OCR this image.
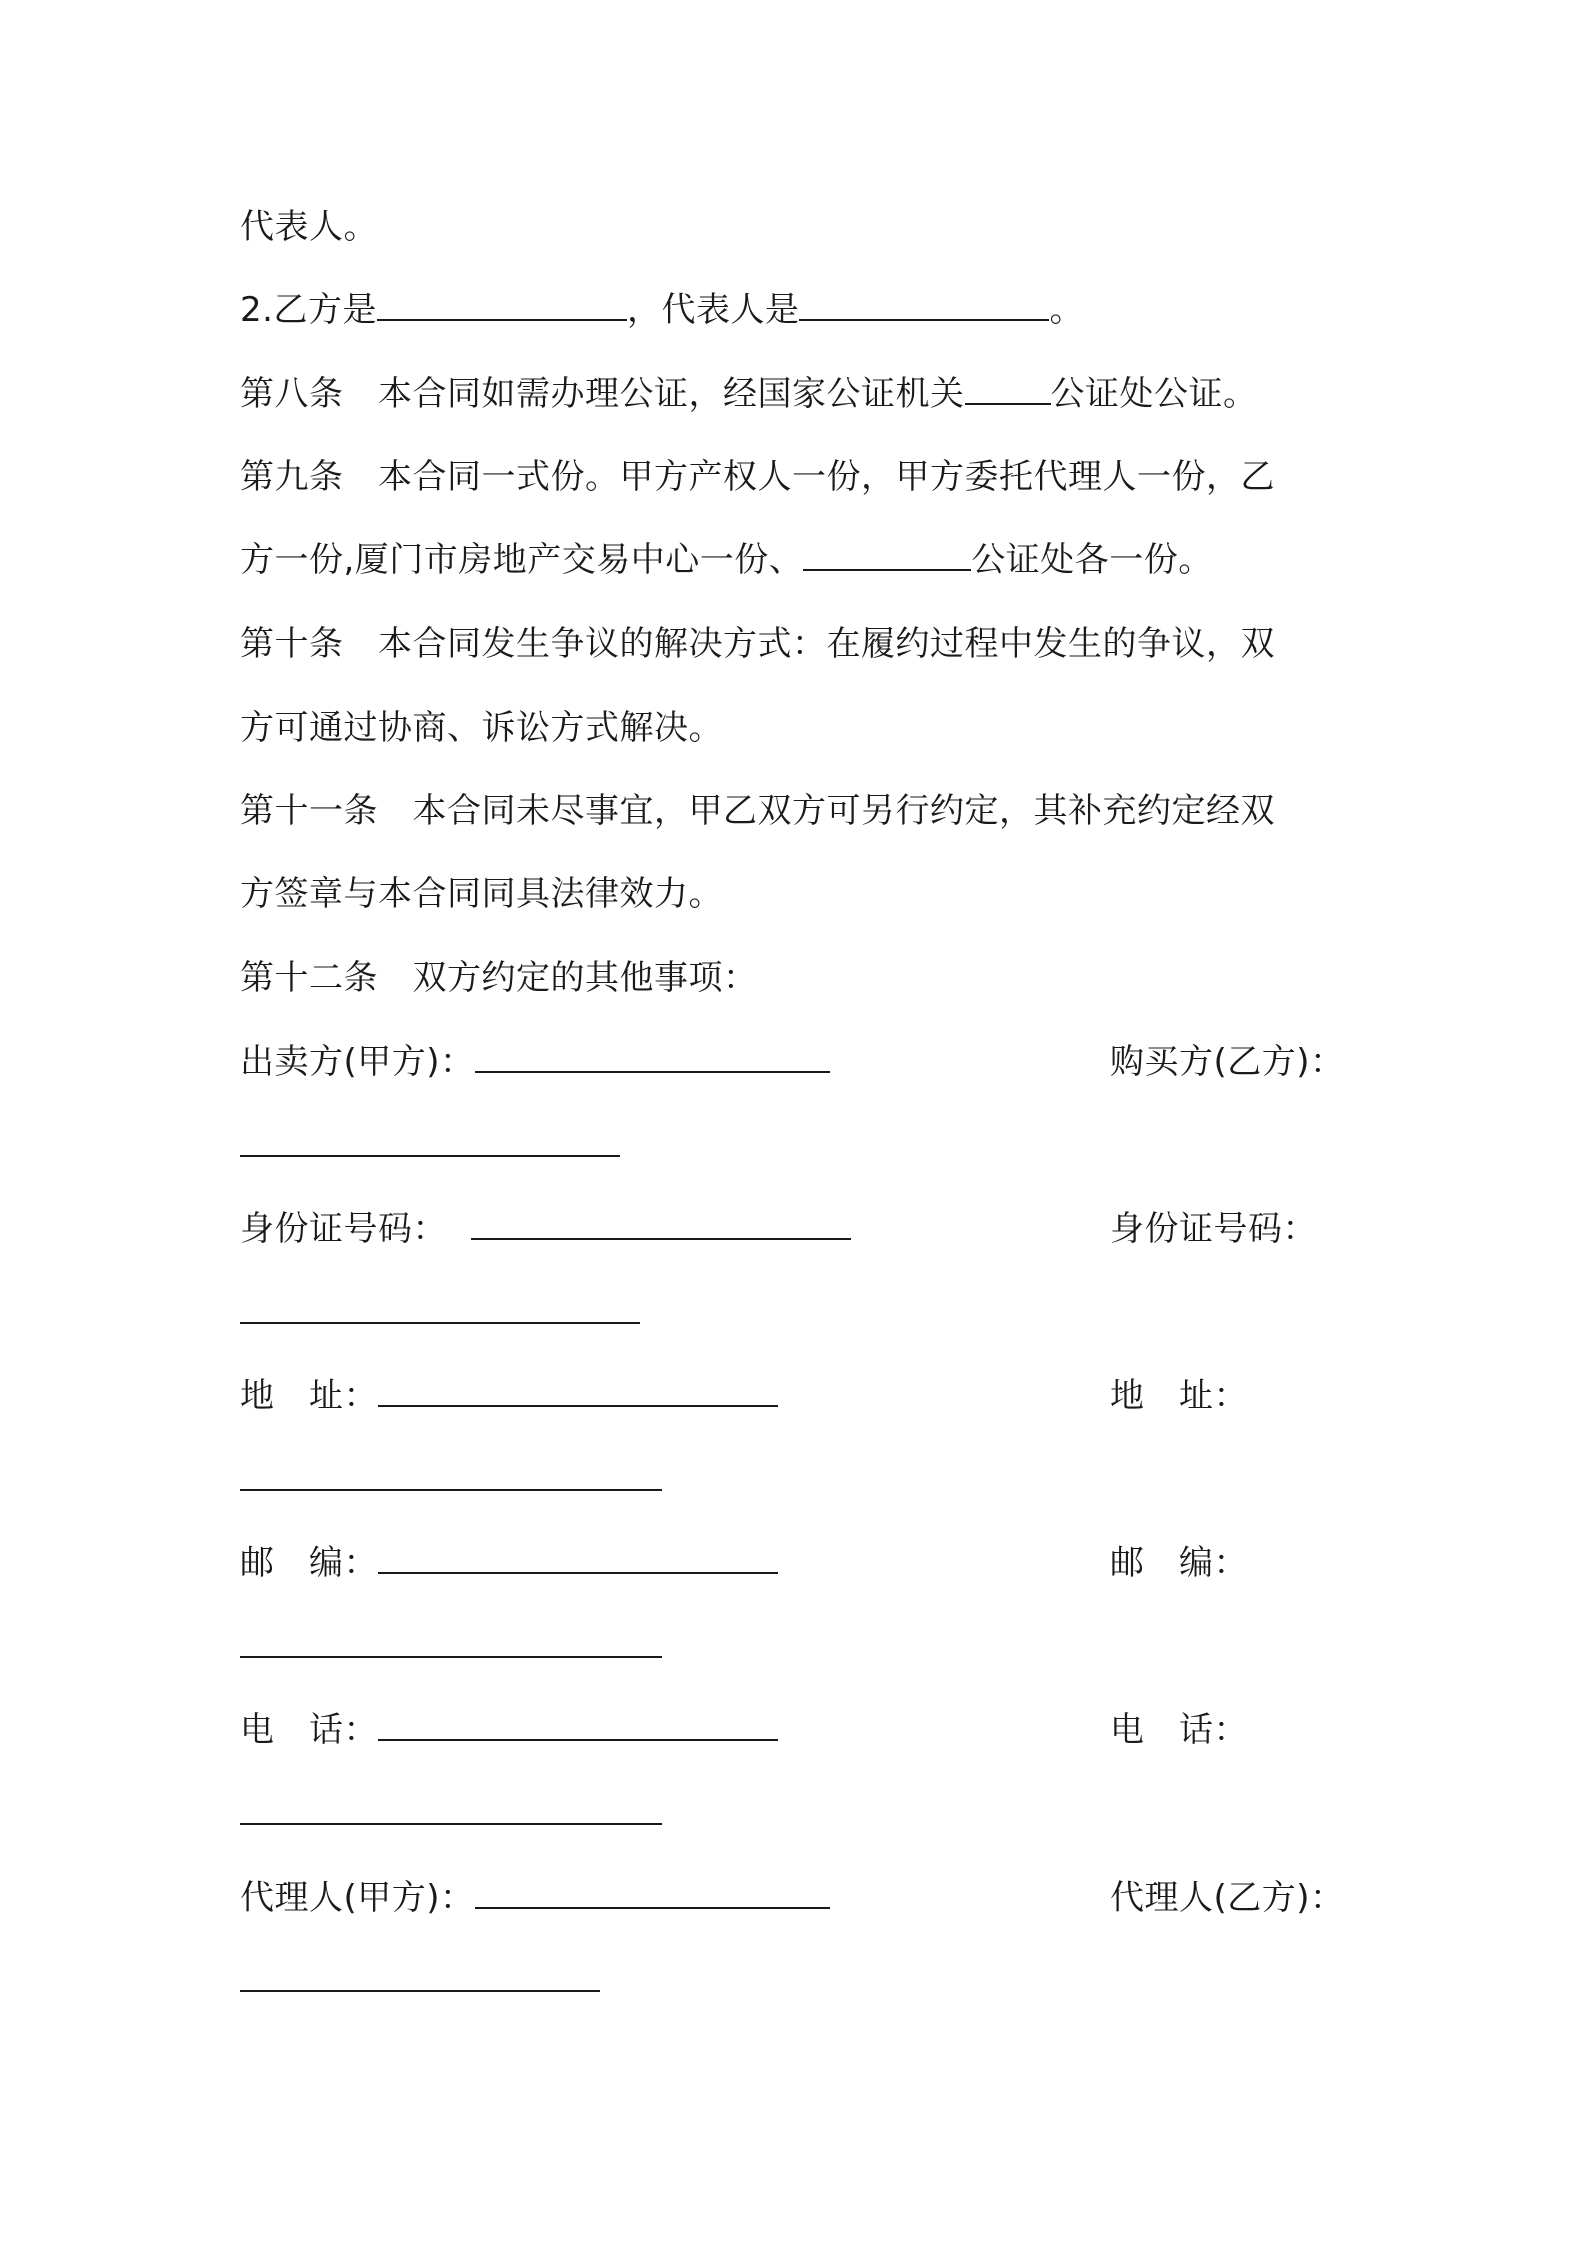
代表人。
2.乙方是	，代表人是	。
第八条　本合同如需办理公证，经国家公证机关	公证处公证。
第九条　本合同一式份。甲方产权人一份，甲方委托代理人一份，乙
方一份,厦门市房地产交易中心一份、	公证处各一份。
第十条　本合同发生争议的解决方式：在履约过程中发生的争议，双
方可通过协商、诉讼方式解决。
第十一条　本合同未尽事宜，甲乙双方可另行约定，其补充约定经双
方签章与本合同同具法律效力。
第十二条　双方约定的其他事项：
出卖方(甲方)：	购买方(乙方)：
身份证号码：	身份证号码：
地　址：	地　址：
邮　编：	邮　编：
电　话：	电　话：
代理人(甲方)：	代理人(乙方)：
